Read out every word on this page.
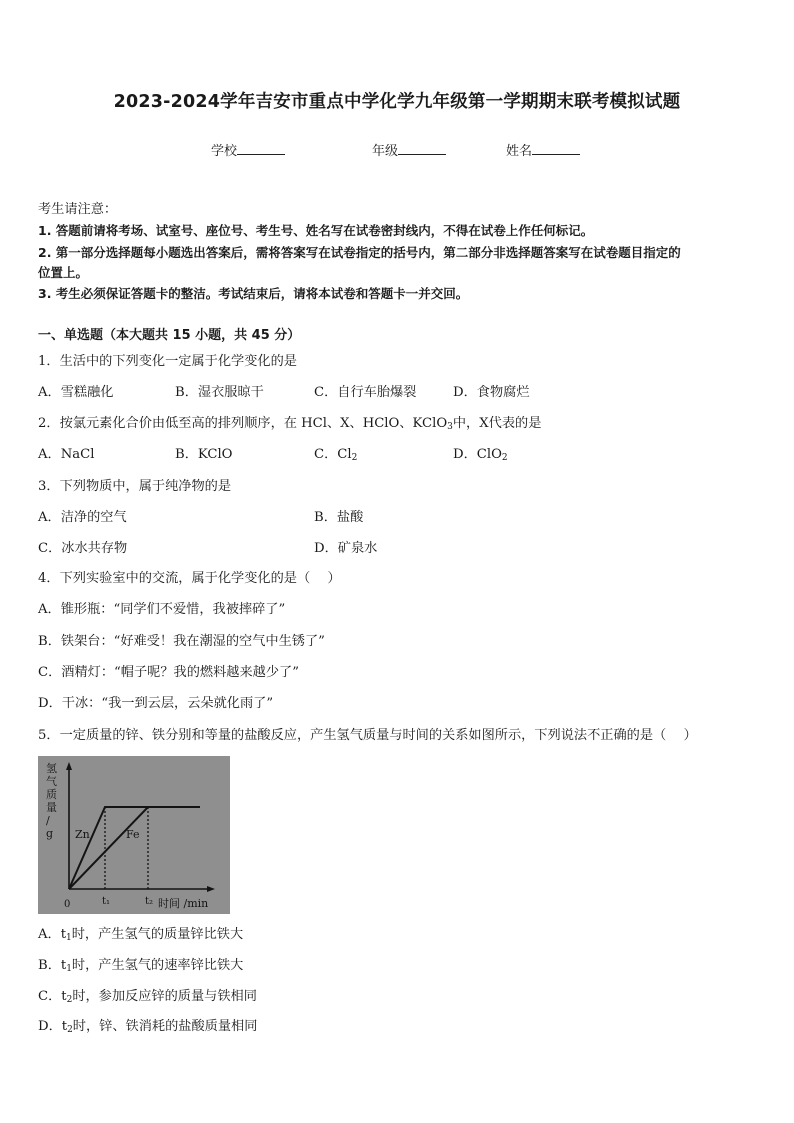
2023-2024学年吉安市重点中学化学九年级第一学期期末联考模拟试题
学校	年级	姓名
考生请注意：
1. 答题前请将考场、试室号、座位号、考生号、姓名写在试卷密封线内，不得在试卷上作任何标记。
2. 第一部分选择题每小题选出答案后，需将答案写在试卷指定的括号内，第二部分非选择题答案写在试卷题目指定的
位置上。
3. 考生必须保证答题卡的整洁。考试结束后，请将本试卷和答题卡一并交回。
一、单选题（本大题共 15 小题，共 45 分）
1．生活中的下列变化一定属于化学变化的是
A．雪糕融化	B．湿衣服晾干	C．自行车胎爆裂	D．食物腐烂
2．按氯元素化合价由低至高的排列顺序，在 HCl、X、HClO、KClO$_3$中，X代表的是
A．NaCl	B．KClO	C．$Cl_2$	D．ClO$_2$
3．下列物质中，属于纯净物的是
A．洁净的空气	B．盐酸
C．冰水共存物	D．矿泉水
4．下列实验室中的交流，属于化学变化的是（　 ）
A．锥形瓶：“同学们不爱惜，我被摔碎了”
B．铁架台：“好难受！我在潮湿的空气中生锈了”
C．酒精灯：“帽子呢？我的燃料越来越少了”
D．干冰：“我一到云层，云朵就化雨了”
5．一定质量的锌、铁分别和等量的盐酸反应，产生氢气质量与时间的关系如图所示，下列说法不正确的是（　 ）
氢
气
质
量
/
g
时间 /min
0
Zn	Fe
t₁	t₂
A．$t_1$时，产生氢气的质量锌比铁大
B．$t_1$时，产生氢气的速率锌比铁大
C．$t_2$时，参加反应锌的质量与铁相同
D．$t_2$时，锌、铁消耗的盐酸质量相同
